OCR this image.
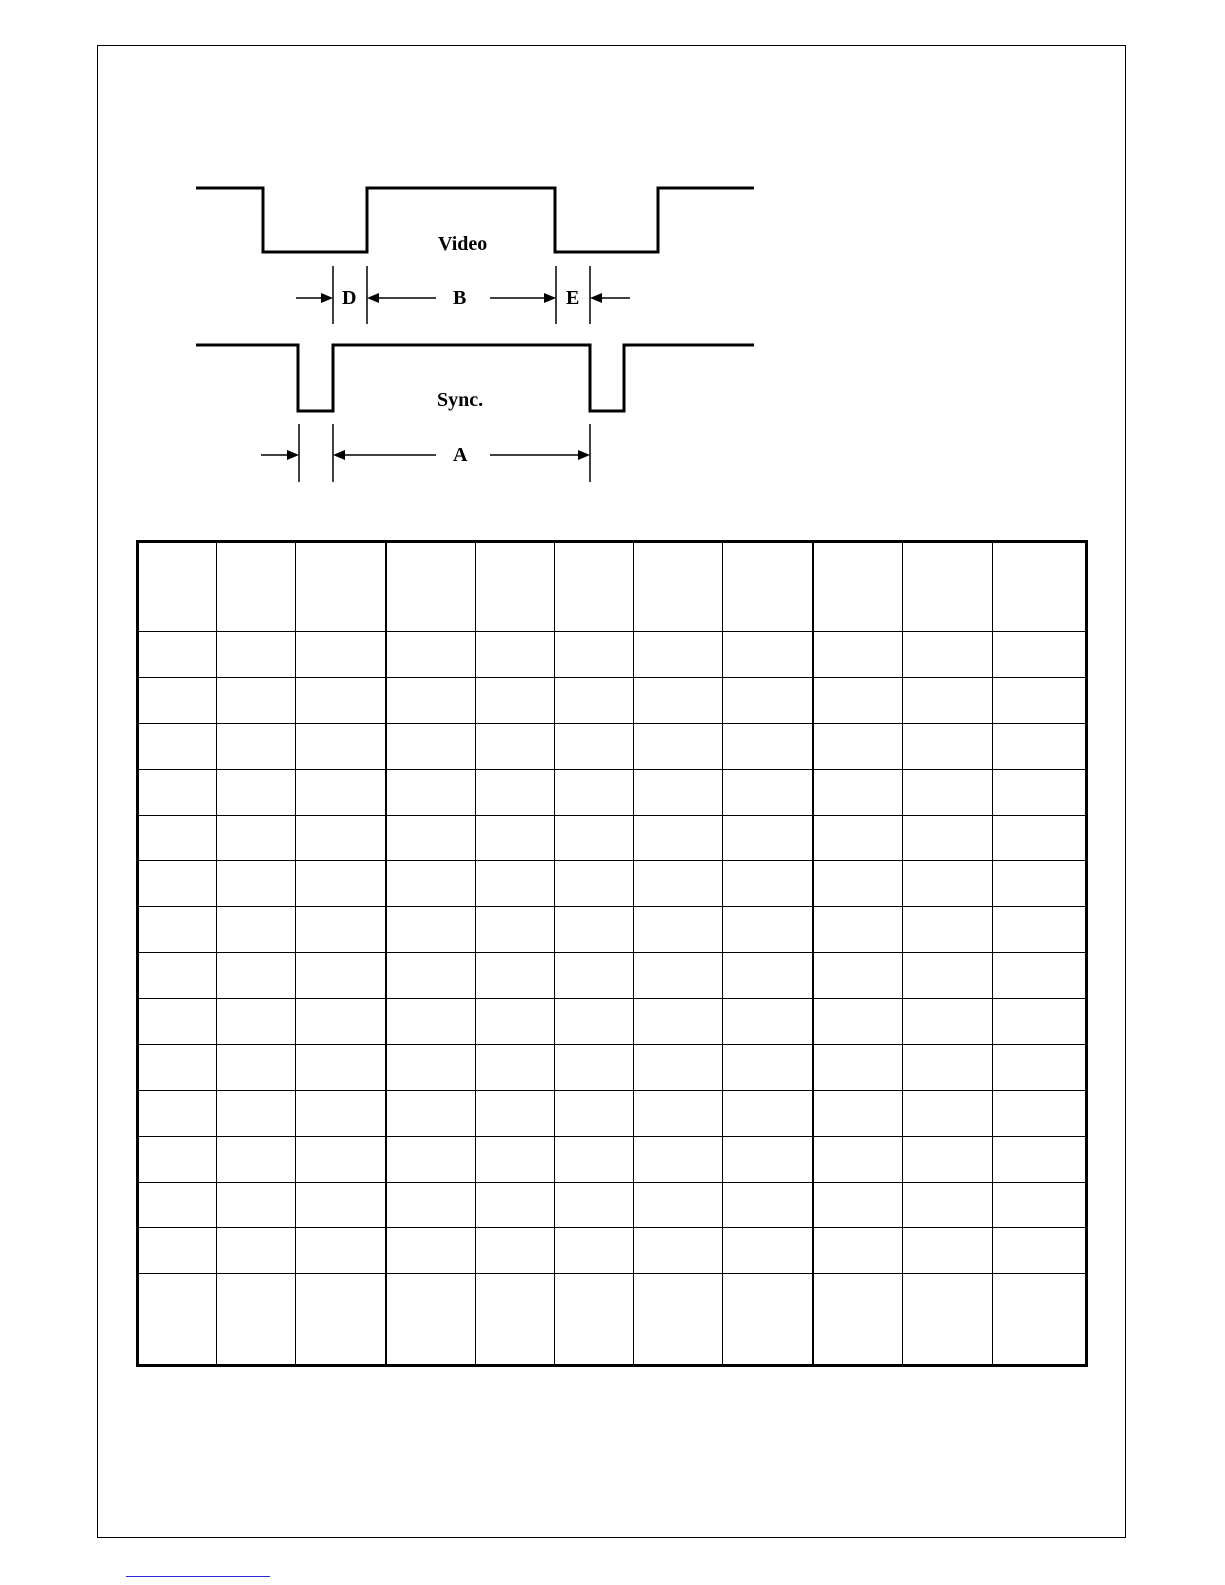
Video
D	B	E
Sync.
A
